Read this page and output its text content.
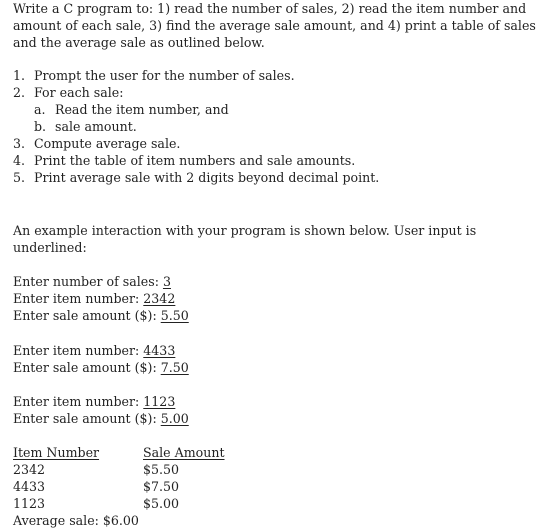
Write a C program to: 1) read the number of sales, 2) read the item number and amount of each sale, 3) find the average sale amount, and 4) print a table of sales and the average sale as outlined below.

1. Prompt the user for the number of sales.
2. For each sale:
a. Read the item number, and
b. sale amount.
3. Compute average sale.
4. Print the table of item numbers and sale amounts.
5. Print average sale with 2 digits beyond decimal point.

An example interaction with your program is shown below. User input is underlined:

Enter number of sales: 3
Enter item number: 2342
Enter sale amount ($): 5.50
Enter item number: 4433
Enter sale amount ($): 7.50
Enter item number: 1123
Enter sale amount ($): 5.00
Item Number	Sale Amount
2342	$5.50
4433	$7.50
1123	$5.00
Average sale: $6.00	
